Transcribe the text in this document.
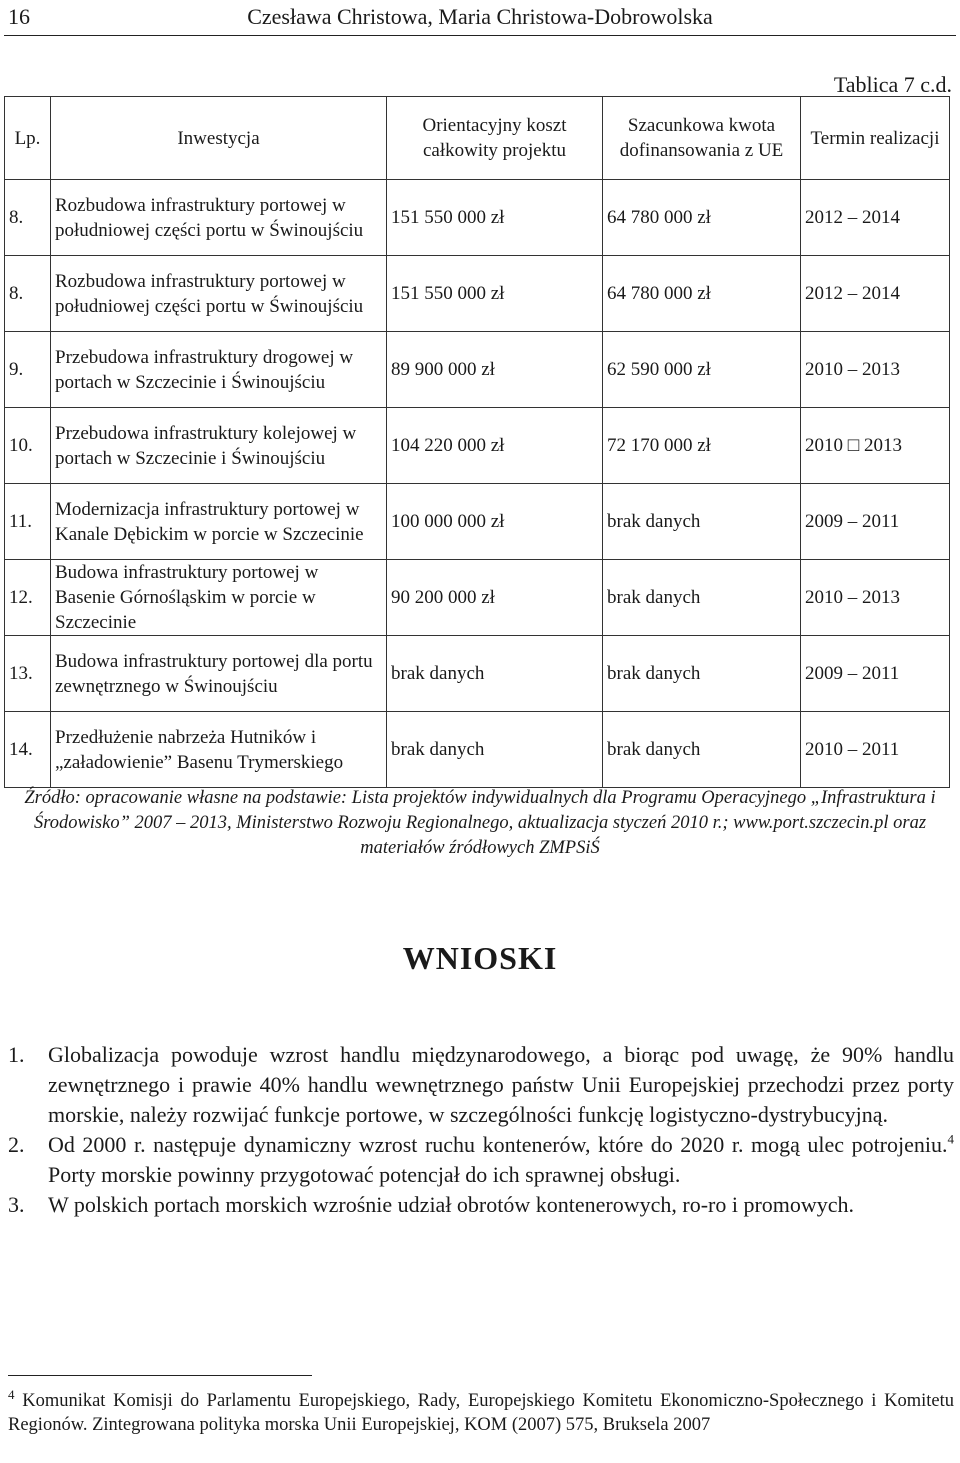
16	Czesława Christowa, Maria Christowa-Dobrowolska
Tablica 7 c.d.
Lp.	Inwestycja	Orientacyjny koszt całkowity projektu	Szacunkowa kwota dofinansowania z UE	Termin realizacji
8.	Rozbudowa infrastruktury portowej w południowej części portu w Świnoujściu	151 550 000 zł	64 780 000 zł	2012 – 2014
8.	Rozbudowa infrastruktury portowej w południowej części portu w Świnoujściu	151 550 000 zł	64 780 000 zł	2012 – 2014
9.	Przebudowa infrastruktury drogowej w portach w Szczecinie i Świnoujściu	89 900 000 zł	62 590 000 zł	2010 – 2013
10.	Przebudowa infrastruktury kolejowej w portach w Szczecinie i Świnoujściu	104 220 000 zł	72 170 000 zł	2010 □ 2013
11.	Modernizacja infrastruktury portowej w Kanale Dębickim w porcie w Szczecinie	100 000 000 zł	brak danych	2009 – 2011
12.	Budowa infrastruktury portowej w Basenie Górnośląskim w porcie w Szczecinie	90 200 000 zł	brak danych	2010 – 2013
13.	Budowa infrastruktury portowej dla portu zewnętrznego w Świnoujściu	brak danych	brak danych	2009 – 2011
14.	Przedłużenie nabrzeża Hutników i „załadowienie” Basenu Trymerskiego	brak danych	brak danych	2010 – 2011
Źródło: opracowanie własne na podstawie: Lista projektów indywidualnych dla Programu Operacyjnego „Infrastruktura i Środowisko” 2007 – 2013, Ministerstwo Rozwoju Regionalnego, aktualizacja styczeń 2010 r.; www.port.szczecin.pl oraz materiałów źródłowych ZMPSiŚ
WNIOSKI
1.	Globalizacja powoduje wzrost handlu międzynarodowego, a biorąc pod uwagę, że 90% handlu zewnętrznego i prawie 40% handlu wewnętrznego państw Unii Europejskiej przechodzi przez porty morskie, należy rozwijać funkcje portowe, w szczególności funkcję logistyczno-dystrybucyjną.
2.	Od 2000 r. następuje dynamiczny wzrost ruchu kontenerów, które do 2020 r. mogą ulec potrojeniu.$^4$ Porty morskie powinny przygotować potencjał do ich sprawnej obsługi.
3.	W polskich portach morskich wzrośnie udział obrotów kontenerowych, ro-ro i promowych.
$^4$ Komunikat Komisji do Parlamentu Europejskiego, Rady, Europejskiego Komitetu Ekonomiczno-Społecznego i Komitetu Regionów. Zintegrowana polityka morska Unii Europejskiej, KOM (2007) 575, Bruksela 2007
